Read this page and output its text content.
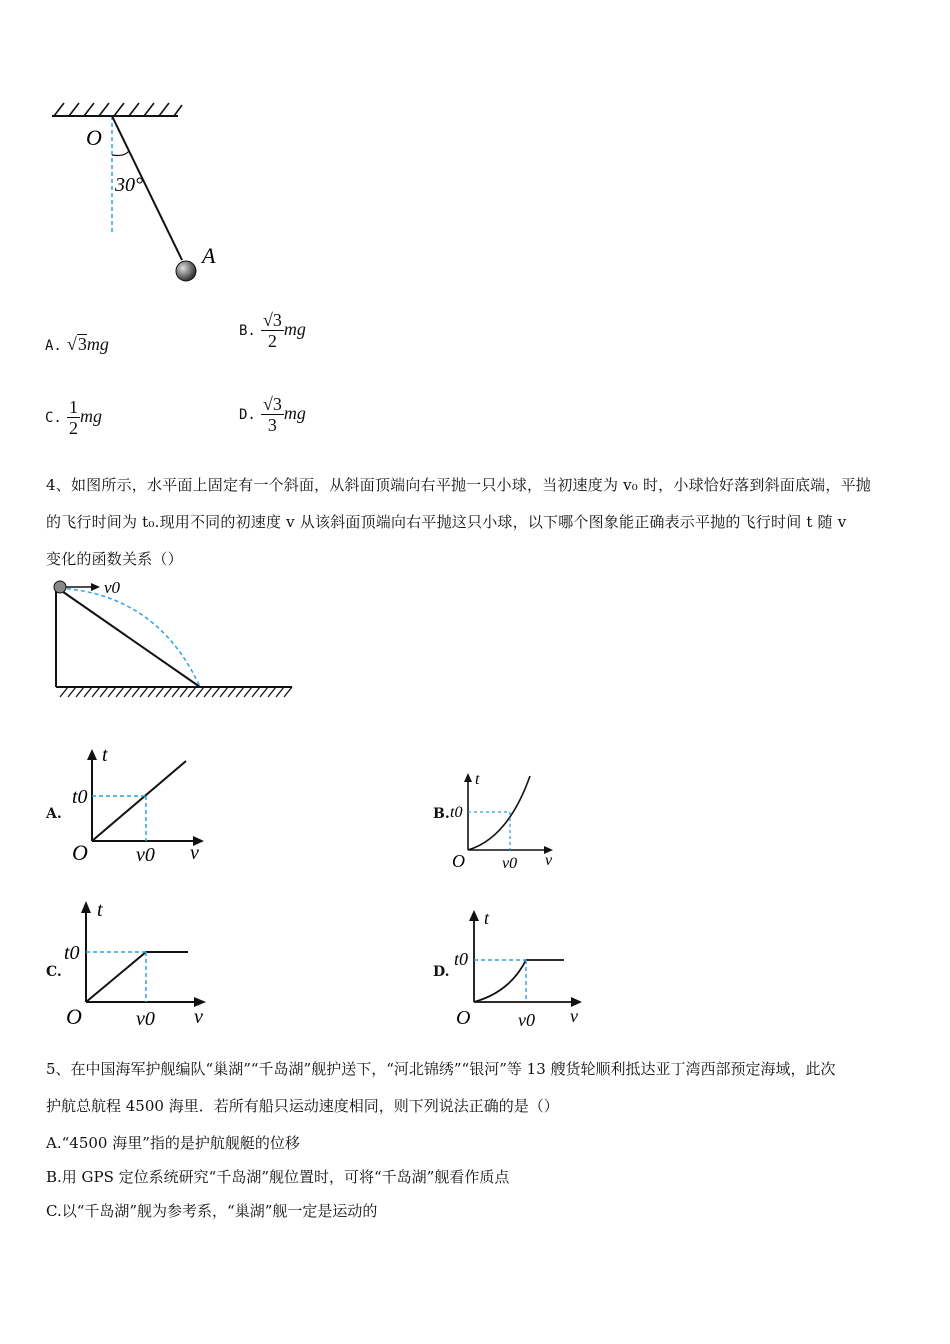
O
30°
A
A. √3mg
B. $\frac{√3}{2}$ mg
C. $\frac{1}{2}$ mg	D. $\frac{√3}{3}$ mg
4、如图所示，水平面上固定有一个斜面，从斜面顶端向右平抛一只小球，当初速度为 v₀ 时，小球恰好落到斜面底端，平抛
的飞行时间为 t₀.现用不同的初速度 v 从该斜面顶端向右平抛这只小球，以下哪个图象能正确表示平抛的飞行时间 t 随 v
变化的函数关系（）
v0
A.
t
t0
O v0 v
B.
t
t0
O v0 v
C.
t
t0
O	v0 v
D.
t
t0
O	v0 v
5、在中国海军护舰编队“巢湖”“千岛湖”舰护送下，“河北锦绣”“银河”等 13 艘货轮顺利抵达亚丁湾西部预定海域，此次
护航总航程 4500 海里．若所有船只运动速度相同，则下列说法正确的是（）
A.“4500 海里”指的是护航舰艇的位移
B.用 GPS 定位系统研究“千岛湖”舰位置时，可将“千岛湖”舰看作质点
C.以“千岛湖”舰为参考系，“巢湖”舰一定是运动的
